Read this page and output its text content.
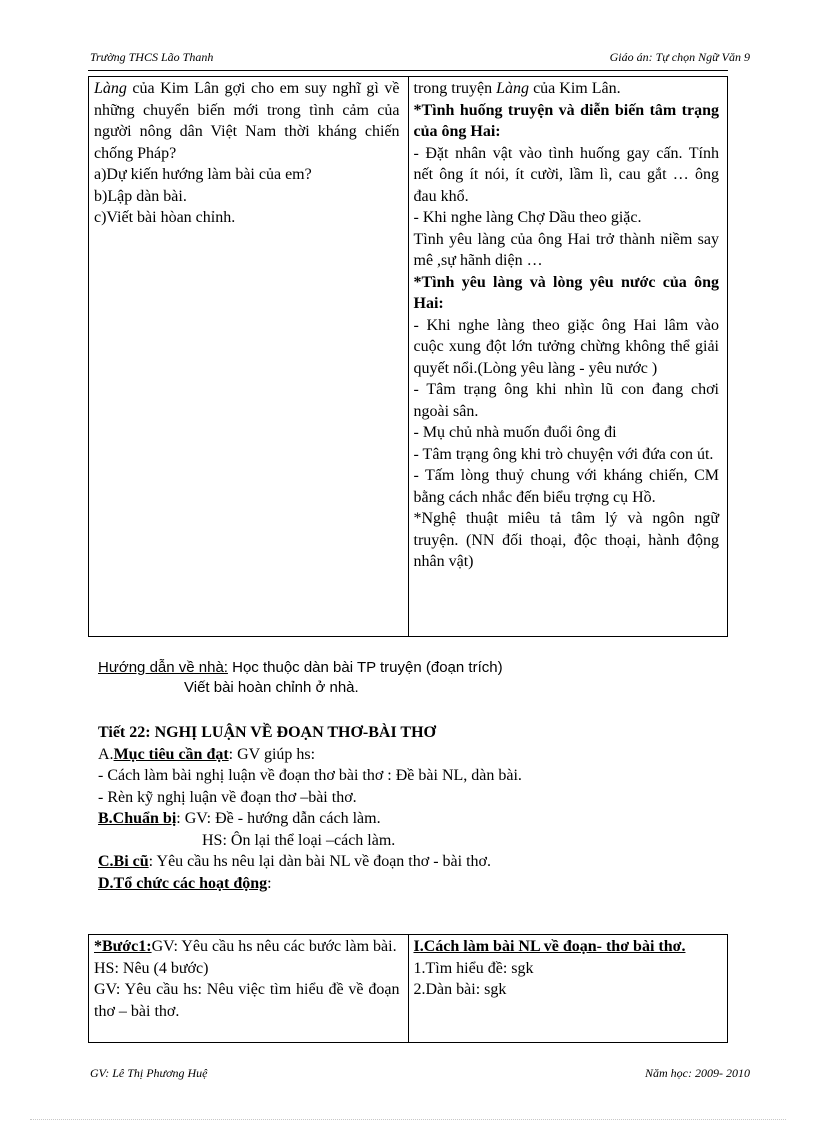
Trường THCS Lão Thanh	Giáo án: Tự chọn Ngữ Văn 9
Làng của Kim Lân gợi cho em suy nghĩ gì về những chuyển biến mới trong tình cảm của người nông dân Việt Nam thời kháng chiến chống Pháp?
a)Dự kiến hướng làm bài của em?
b)Lập dàn bài.
c)Viết bài hòan chỉnh.

trong truyện Làng của Kim Lân.
*Tình huống truyện và diễn biến tâm trạng của ông Hai:
- Đặt nhân vật vào tình huống gay cấn. Tính nết ông ít nói, ít cười, lầm lì, cau gắt … ông đau khổ.
- Khi nghe làng Chợ Dầu theo giặc.
Tình yêu làng của ông Hai trở thành niềm say mê ,sự hãnh diện …
*Tình yêu làng và lòng yêu nước của ông Hai:
- Khi nghe làng theo giặc ông Hai lâm vào cuộc xung đột lớn tưởng chừng không thể giải quyết nổi.(Lòng yêu làng - yêu nước )
- Tâm trạng ông khi nhìn lũ con đang chơi ngoài sân.
- Mụ chủ nhà muốn đuổi ông đi
- Tâm trạng ông khi trò chuyện với đứa con út.
- Tấm lòng thuỷ chung với kháng chiến, CM bằng cách nhắc đến biểu trợng cụ Hồ.
*Nghệ thuật miêu tả tâm lý và ngôn ngữ truyện. (NN đối thoại, độc thoại, hành động nhân vật)
Hướng dẫn về nhà: Học thuộc dàn bài TP truyện (đoạn trích)
Viết bài hoàn chỉnh ở nhà.
Tiết 22: NGHỊ LUẬN VỀ ĐOẠN THƠ-BÀI THƠ
A.Mục tiêu cần đạt: GV giúp hs:
- Cách làm bài nghị luận về đoạn thơ bài thơ : Đề bài NL, dàn bài.
- Rèn kỹ nghị luận về đoạn thơ –bài thơ.
B.Chuẩn bị: GV: Đề - hướng dẫn cách làm.
HS: Ôn lại thể loại –cách làm.
C.Bi cũ: Yêu cầu hs nêu lại dàn bài NL về đoạn thơ - bài thơ.
D.Tổ chức các hoạt động:
*Bước1:GV: Yêu cầu hs nêu các bước làm bài.
HS: Nêu (4 bước)
GV: Yêu cầu hs: Nêu việc tìm hiểu đề về đoạn thơ – bài thơ.

I.Cách làm bài NL về đoạn- thơ bài thơ.
1.Tìm hiểu đề: sgk
2.Dàn bài: sgk
GV: Lê Thị Phương Huệ	Năm học: 2009- 2010
